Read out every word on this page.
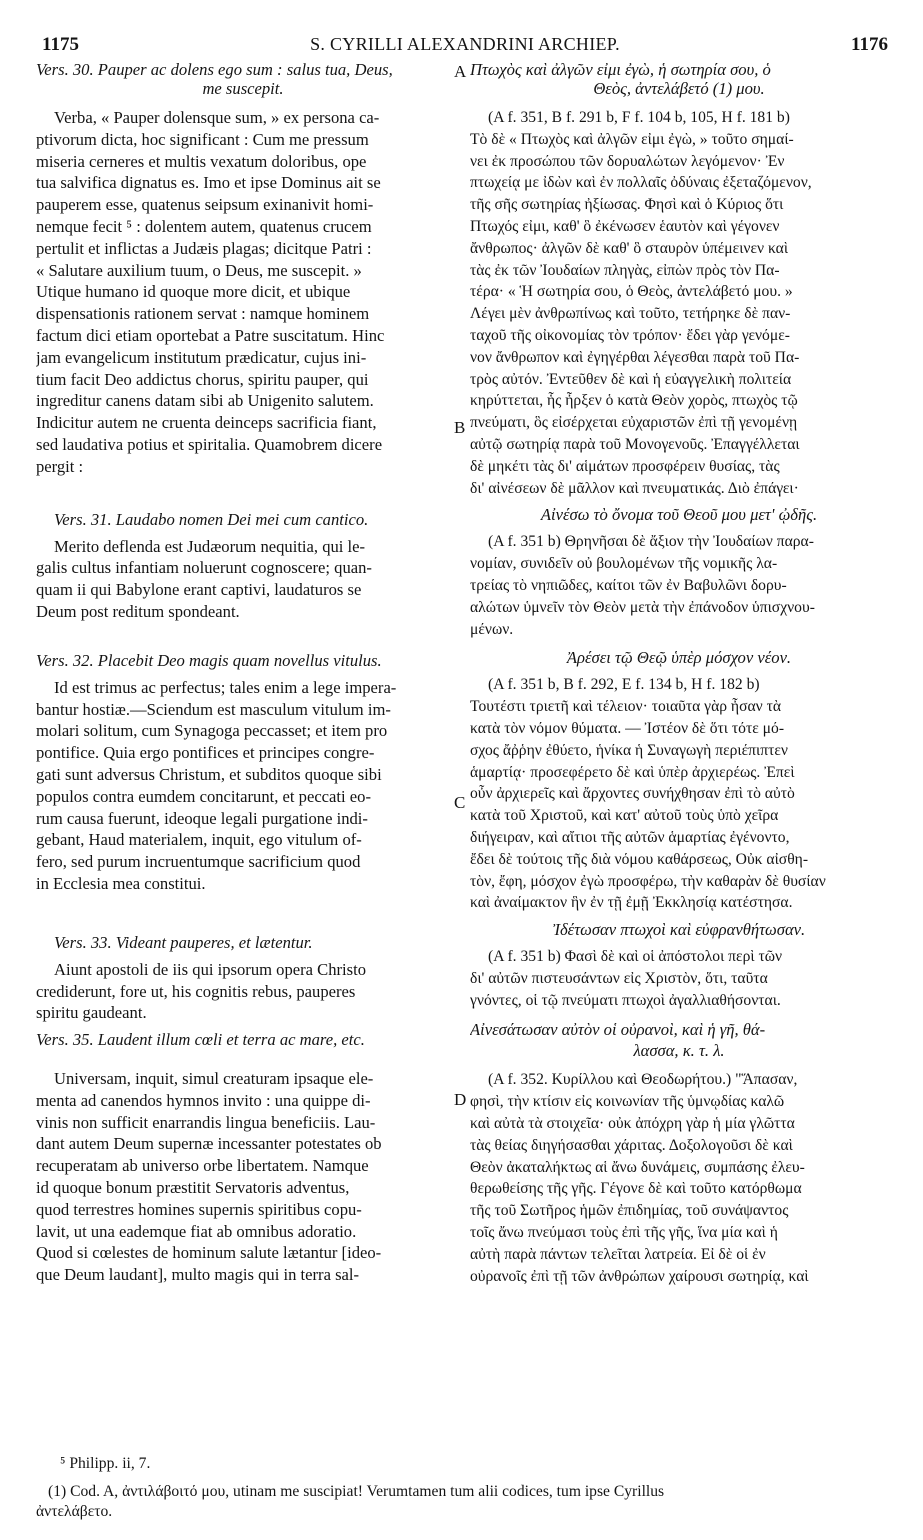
1175	S. CYRILLI ALEXANDRINI ARCHIEP.	1176
A
B
C
D
Vers. 30. Pauper ac dolens ego sum : salus tua, Deus,
me suscepit.
Verba, « Pauper dolensque sum, » ex persona ca-
ptivorum dicta, hoc significant : Cum me pressum
miseria cerneres et multis vexatum doloribus, ope
tua salvifica dignatus es. Imo et ipse Dominus ait se
pauperem esse, quatenus seipsum exinanivit homi-
nemque fecit ⁵ : dolentem autem, quatenus crucem
pertulit et inflictas a Judæis plagas; dicitque Patri :
« Salutare auxilium tuum, o Deus, me suscepit. »
Utique humano id quoque more dicit, et ubique
dispensationis rationem servat : namque hominem
factum dici etiam oportebat a Patre suscitatum. Hinc
jam evangelicum institutum prædicatur, cujus ini-
tium facit Deo addictus chorus, spiritu pauper, qui
ingreditur canens datam sibi ab Unigenito salutem.
Indicitur autem ne cruenta deinceps sacrificia fiant,
sed laudativa potius et spiritalia. Quamobrem dicere
pergit :
Vers. 31. Laudabo nomen Dei mei cum cantico.
Merito deflenda est Judæorum nequitia, qui le-
galis cultus infantiam noluerunt cognoscere; quan-
quam ii qui Babylone erant captivi, laudaturos se
Deum post reditum spondeant.
Vers. 32. Placebit Deo magis quam novellus vitulus.
Id est trimus ac perfectus; tales enim a lege impera-
bantur hostiæ.—Sciendum est masculum vitulum im-
molari solitum, cum Synagoga peccasset; et item pro
pontifice. Quia ergo pontifices et principes congre-
gati sunt adversus Christum, et subditos quoque sibi
populos contra eumdem concitarunt, et peccati eo-
rum causa fuerunt, ideoque legali purgatione indi-
gebant, Haud materialem, inquit, ego vitulum of-
fero, sed purum incruentumque sacrificium quod
in Ecclesia mea constitui.
Vers. 33. Videant pauperes, et lætentur.
Aiunt apostoli de iis qui ipsorum opera Christo
crediderunt, fore ut, his cognitis rebus, pauperes
spiritu gaudeant.
Vers. 35. Laudent illum cœli et terra ac mare, etc.
Universam, inquit, simul creaturam ipsaque ele-
menta ad canendos hymnos invito : una quippe di-
vinis non sufficit enarrandis lingua beneficiis. Lau-
dant autem Deum supernæ incessanter potestates ob
recuperatam ab universo orbe libertatem. Namque
id quoque bonum præstitit Servatoris adventus,
quod terrestres homines supernis spiritibus copu-
lavit, ut una eademque fiat ab omnibus adoratio.
Quod si cœlestes de hominum salute lætantur [ideo-
que Deum laudant], multo magis qui in terra sal-
Πτωχὸς καὶ ἀλγῶν εἰμι ἐγὼ, ἡ σωτηρία σου, ὁ
Θεὸς, ἀντελάβετό (1) μου.
(A f. 351, B f. 291 b, F f. 104 b, 105, H f. 181 b)
Τὸ δὲ « Πτωχὸς καὶ ἀλγῶν εἰμι ἐγὼ, » τοῦτο σημαί-
νει ἐκ προσώπου τῶν δορυαλώτων λεγόμενον· Ἐν
πτωχείᾳ με ἰδὼν καὶ ἐν πολλαῖς ὀδύναις ἐξεταζόμενον,
τῆς σῆς σωτηρίας ἠξίωσας. Φησὶ καὶ ὁ Κύριος ὅτι
Πτωχός εἰμι, καθ' ὃ ἐκένωσεν ἑαυτὸν καὶ γέγονεν
ἄνθρωπος· ἀλγῶν δὲ καθ' ὃ σταυρὸν ὑπέμεινεν καὶ
τὰς ἐκ τῶν Ἰουδαίων πληγὰς, εἰπὼν πρὸς τὸν Πα-
τέρα· « Ἡ σωτηρία σου, ὁ Θεὸς, ἀντελάβετό μου. »
Λέγει μὲν ἀνθρωπίνως καὶ τοῦτο, τετήρηκε δὲ παν-
ταχοῦ τῆς οἰκονομίας τὸν τρόπον· ἔδει γὰρ γενόμε-
νον ἄνθρωπον καὶ ἐγηγέρθαι λέγεσθαι παρὰ τοῦ Πα-
τρὸς αὐτόν. Ἐντεῦθεν δὲ καὶ ἡ εὐαγγελικὴ πολιτεία
κηρύττεται, ἧς ἦρξεν ὁ κατὰ Θεὸν χορὸς, πτωχὸς τῷ
πνεύματι, ὃς εἰσέρχεται εὐχαριστῶν ἐπὶ τῇ γενομένῃ
αὐτῷ σωτηρίᾳ παρὰ τοῦ Μονογενοῦς. Ἐπαγγέλλεται
δὲ μηκέτι τὰς δι' αἱμάτων προσφέρειν θυσίας, τὰς
δι' αἰνέσεων δὲ μᾶλλον καὶ πνευματικάς. Διὸ ἐπάγει·
Αἰνέσω τὸ ὄνομα τοῦ Θεοῦ μου μετ' ᾠδῆς.
(A f. 351 b) Θρηνῆσαι δὲ ἄξιον τὴν Ἰουδαίων παρα-
νομίαν, συνιδεῖν οὐ βουλομένων τῆς νομικῆς λα-
τρείας τὸ νηπιῶδες, καίτοι τῶν ἐν Βαβυλῶνι δορυ-
αλώτων ὑμνεῖν τὸν Θεὸν μετὰ τὴν ἐπάνοδον ὑπισχνου-
μένων.
Ἀρέσει τῷ Θεῷ ὑπὲρ μόσχον νέον.
(A f. 351 b, B f. 292, E f. 134 b, H f. 182 b)
Τουτέστι τριετῆ καὶ τέλειον· τοιαῦτα γὰρ ἦσαν τὰ
κατὰ τὸν νόμον θύματα. — Ἰστέον δὲ ὅτι τότε μό-
σχος ἄῤῥην ἐθύετο, ἡνίκα ἡ Συναγωγὴ περιέπιπτεν
ἁμαρτίᾳ· προσεφέρετο δὲ καὶ ὑπὲρ ἀρχιερέως. Ἐπεὶ
οὖν ἀρχιερεῖς καὶ ἄρχοντες συνήχθησαν ἐπὶ τὸ αὐτὸ
κατὰ τοῦ Χριστοῦ, καὶ κατ' αὐτοῦ τοὺς ὑπὸ χεῖρα
διήγειραν, καὶ αἴτιοι τῆς αὐτῶν ἁμαρτίας ἐγένοντο,
ἔδει δὲ τούτοις τῆς διὰ νόμου καθάρσεως, Οὐκ αἰσθη-
τὸν, ἔφη, μόσχον ἐγὼ προσφέρω, τὴν καθαρὰν δὲ θυσίαν
καὶ ἀναίμακτον ἣν ἐν τῇ ἐμῇ Ἐκκλησίᾳ κατέστησα.
Ἰδέτωσαν πτωχοὶ καὶ εὐφρανθήτωσαν.
(A f. 351 b) Φασὶ δὲ καὶ οἱ ἀπόστολοι περὶ τῶν
δι' αὐτῶν πιστευσάντων εἰς Χριστὸν, ὅτι, ταῦτα
γνόντες, οἱ τῷ πνεύματι πτωχοὶ ἀγαλλιαθήσονται.
Αἰνεσάτωσαν αὐτὸν οἱ οὐρανοὶ, καὶ ἡ γῆ, θά-
λασσα, κ. τ. λ.
(A f. 352. Κυρίλλου καὶ Θεοδωρήτου.) "Ἅπασαν,
φησὶ, τὴν κτίσιν εἰς κοινωνίαν τῆς ὑμνῳδίας καλῶ
καὶ αὐτὰ τὰ στοιχεῖα· οὐκ ἀπόχρη γὰρ ἡ μία γλῶττα
τὰς θείας διηγήσασθαι χάριτας. Δοξολογοῦσι δὲ καὶ
Θεὸν ἀκαταλήκτως αἱ ἄνω δυνάμεις, συμπάσης ἐλευ-
θερωθείσης τῆς γῆς. Γέγονε δὲ καὶ τοῦτο κατόρθωμα
τῆς τοῦ Σωτῆρος ἡμῶν ἐπιδημίας, τοῦ συνάψαντος
τοῖς ἄνω πνεύμασι τοὺς ἐπὶ τῆς γῆς, ἵνα μία καὶ ἡ
αὐτὴ παρὰ πάντων τελεῖται λατρεία. Εἰ δὲ οἱ ἐν
οὐρανοῖς ἐπὶ τῇ τῶν ἀνθρώπων χαίρουσι σωτηρίᾳ, καὶ
⁵ Philipp. ii, 7.
(1) Cod. A, ἀντιλάβοιτό μου, utinam me suscipiat! Verumtamen tum alii codices, tum ipse Cyrillus
ἀντελάβετο.
